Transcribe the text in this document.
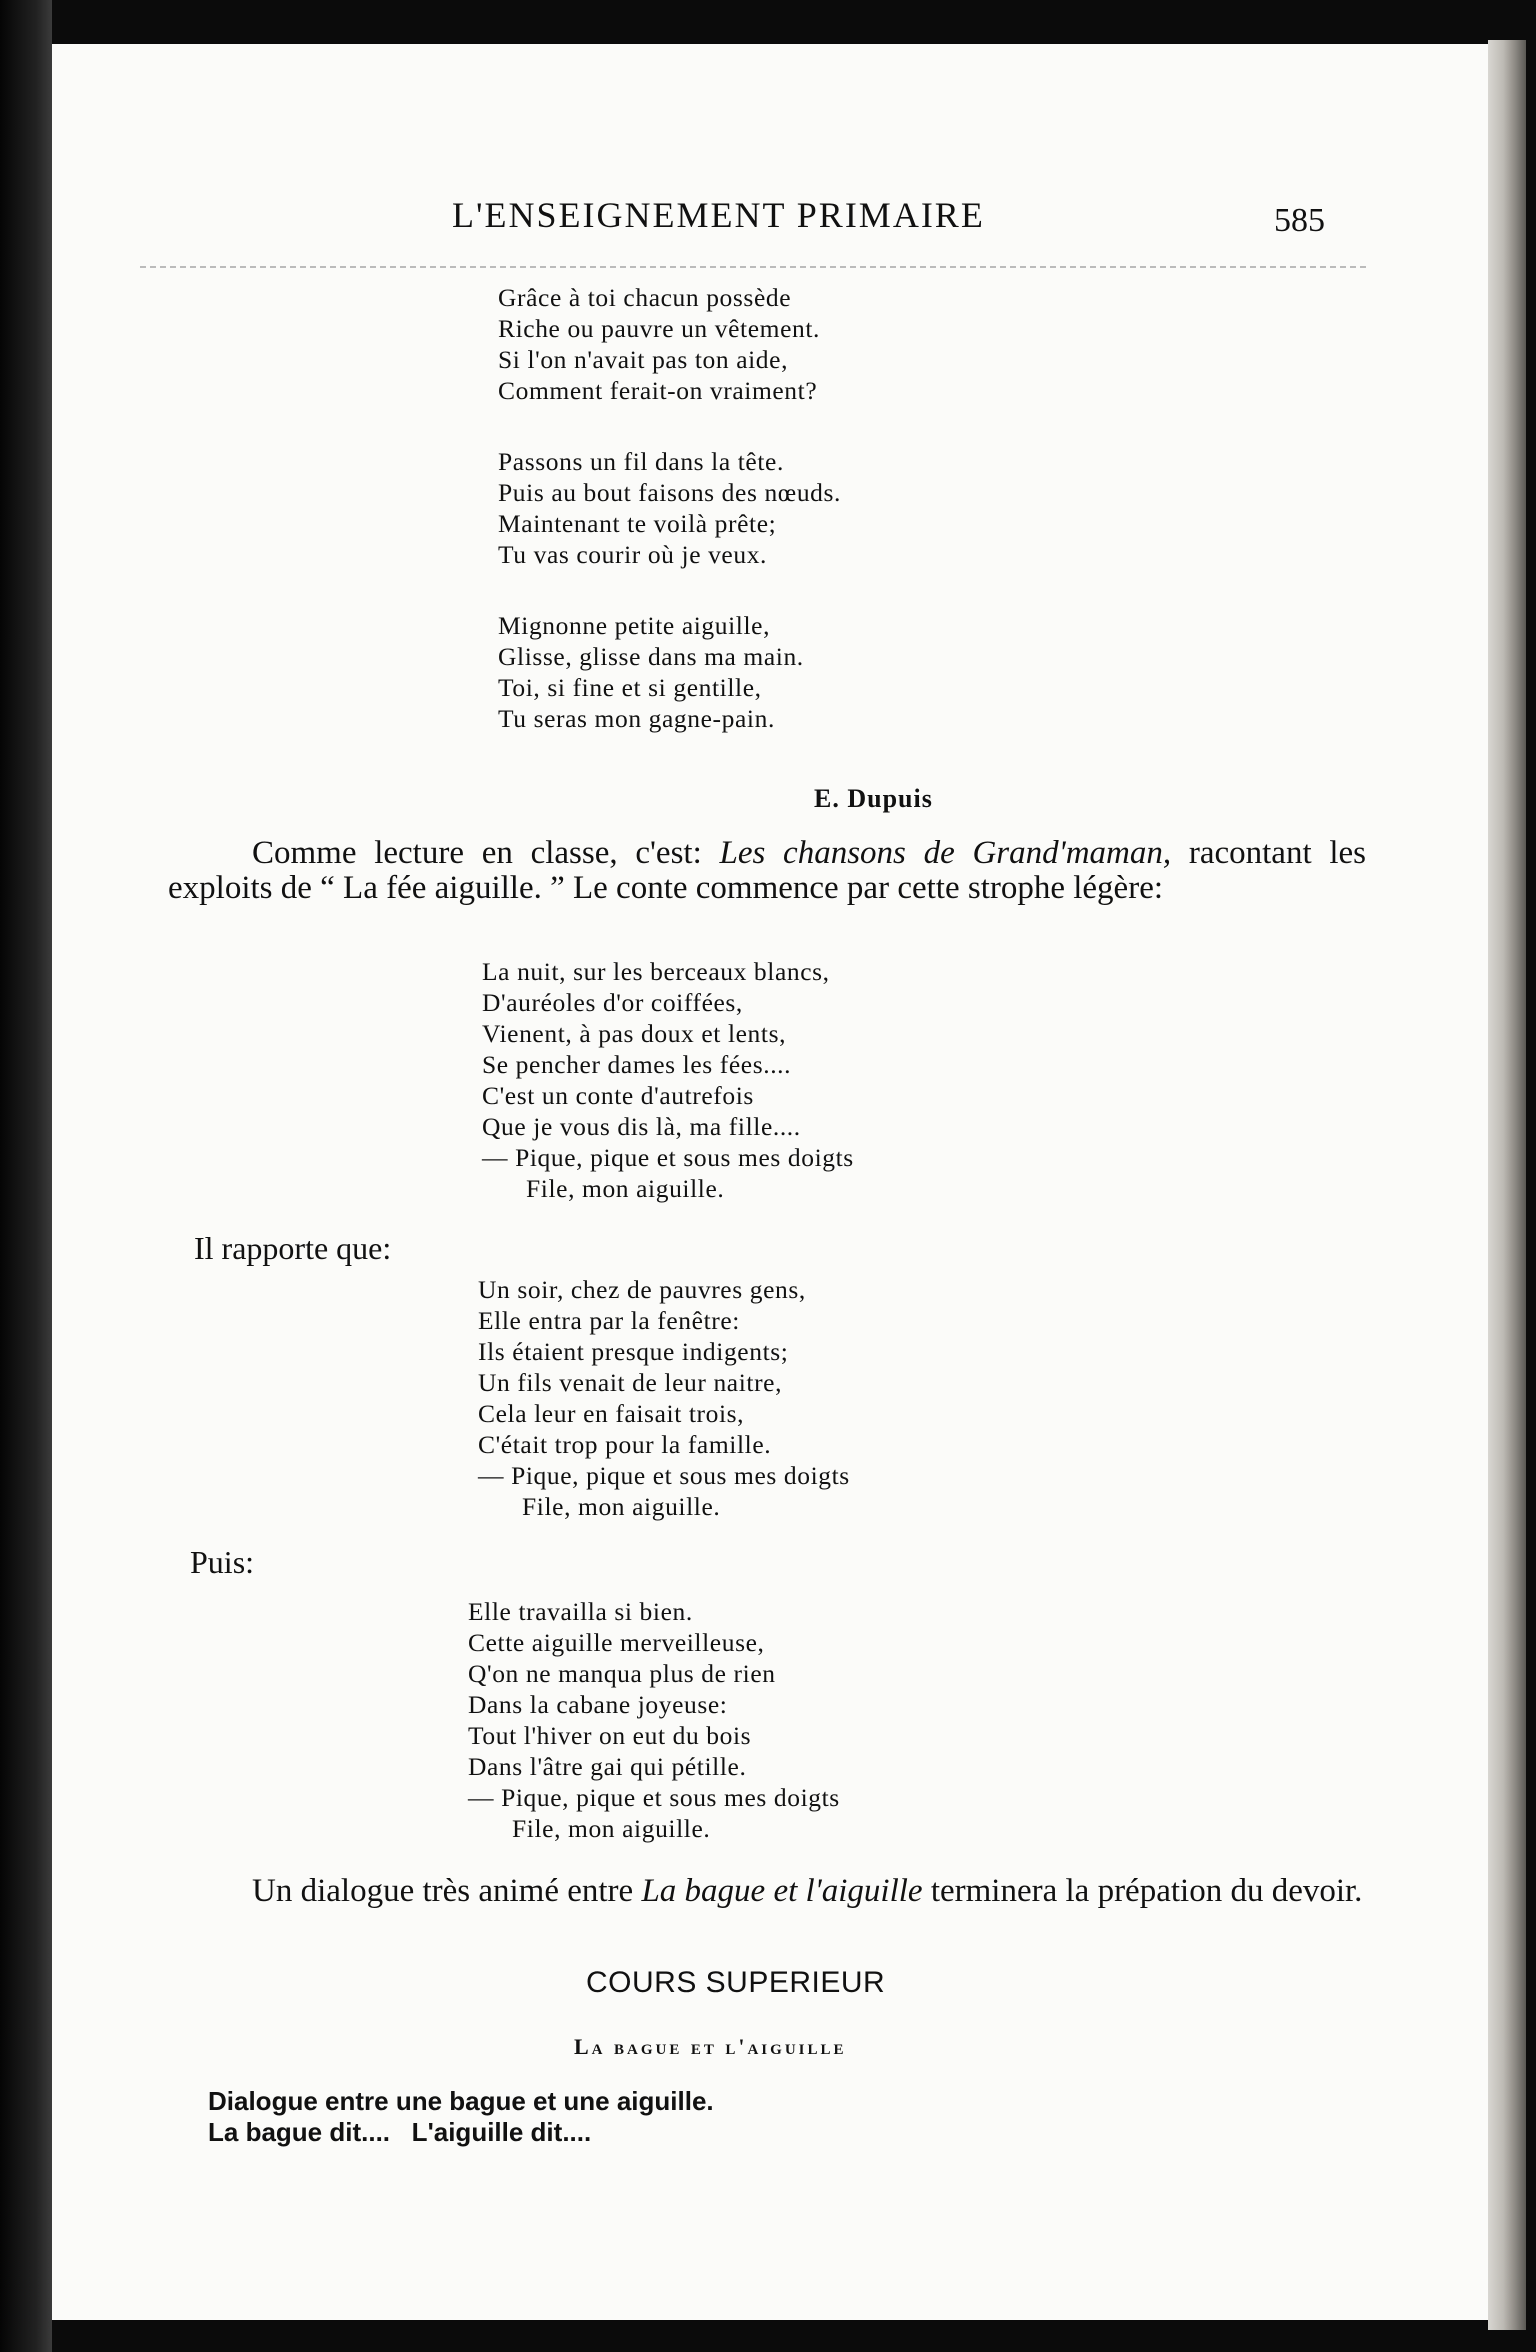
L'ENSEIGNEMENT PRIMAIRE	585
Grâce à toi chacun possède
Riche ou pauvre un vêtement.
Si l'on n'avait pas ton aide,
Comment ferait-on vraiment?
Passons un fil dans la tête.
Puis au bout faisons des nœuds.
Maintenant te voilà prête;
Tu vas courir où je veux.
Mignonne petite aiguille,
Glisse, glisse dans ma main.
Toi, si fine et si gentille,
Tu seras mon gagne-pain.
E. Dupuis
Comme lecture en classe, c'est: Les chansons de Grand'maman, racontant les exploits de “ La fée aiguille. ” Le conte commence par cette strophe légère:
La nuit, sur les berceaux blancs,
D'auréoles d'or coiffées,
Vienent, à pas doux et lents,
Se pencher dames les fées....
C'est un conte d'autrefois
Que je vous dis là, ma fille....
— Pique, pique et sous mes doigts
File, mon aiguille.
Il rapporte que:
Un soir, chez de pauvres gens,
Elle entra par la fenêtre:
Ils étaient presque indigents;
Un fils venait de leur naitre,
Cela leur en faisait trois,
C'était trop pour la famille.
— Pique, pique et sous mes doigts
File, mon aiguille.
Puis:
Elle travailla si bien.
Cette aiguille merveilleuse,
Q'on ne manqua plus de rien
Dans la cabane joyeuse:
Tout l'hiver on eut du bois
Dans l'âtre gai qui pétille.
— Pique, pique et sous mes doigts
File, mon aiguille.
Un dialogue très animé entre La bague et l'aiguille terminera la prépation du devoir.
COURS SUPERIEUR
La bague et l'aiguille
Dialogue entre une bague et une aiguille.
La bague dit....   L'aiguille dit....
